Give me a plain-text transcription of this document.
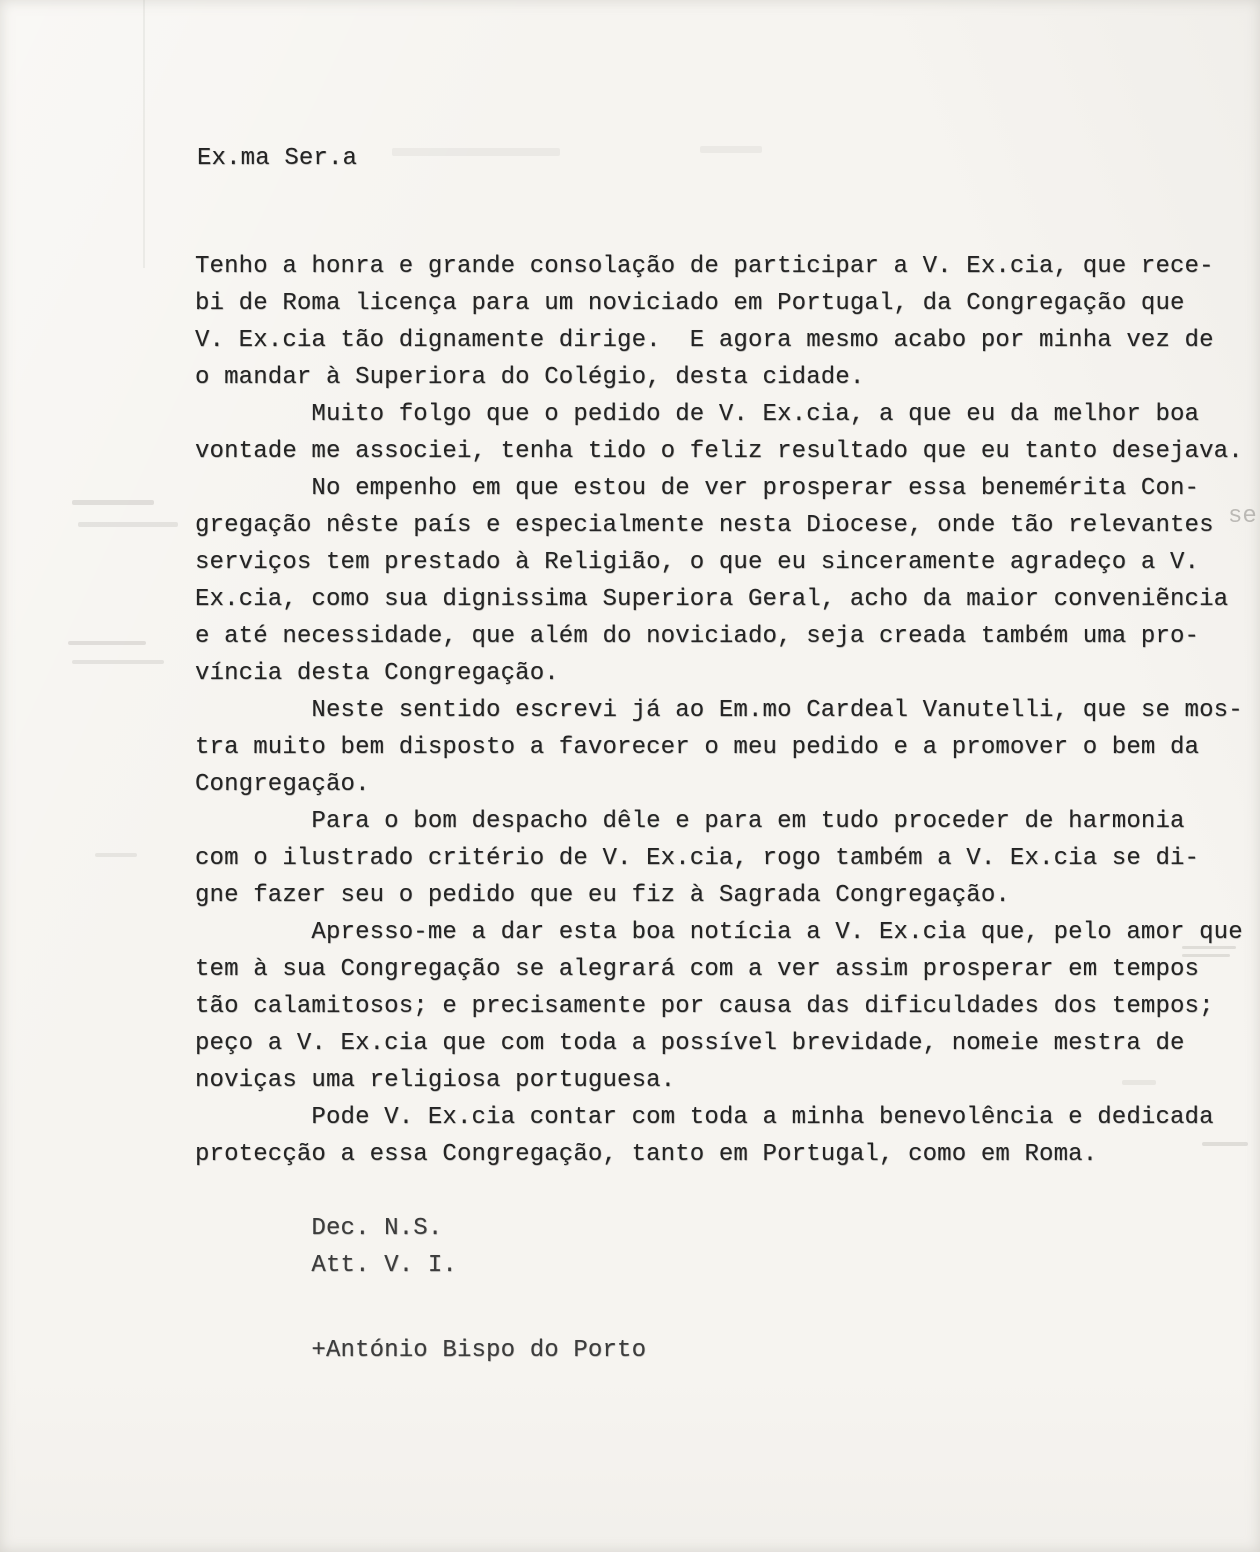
Ex.ma Ser.a
Tenho a honra e grande consolação de participar a V. Ex.cia, que rece-
bi de Roma licença para um noviciado em Portugal, da Congregação que
V. Ex.cia tão dignamente dirige.  E agora mesmo acabo por minha vez de
o mandar à Superiora do Colégio, desta cidade.
Muito folgo que o pedido de V. Ex.cia, a que eu da melhor boa
vontade me associei, tenha tido o feliz resultado que eu tanto desejava.
No empenho em que estou de ver prosperar essa benemérita Con-
gregação nêste país e especialmente nesta Diocese, onde tão relevantes
serviços tem prestado à Religião, o que eu sinceramente agradeço a V.
Ex.cia, como sua dignissima Superiora Geral, acho da maior conveniẽncia
e até necessidade, que além do noviciado, seja creada também uma pro-
víncia desta Congregação.
Neste sentido escrevi já ao Em.mo Cardeal Vanutelli, que se mos-
tra muito bem disposto a favorecer o meu pedido e a promover o bem da
Congregação.
Para o bom despacho dêle e para em tudo proceder de harmonia
com o ilustrado critério de V. Ex.cia, rogo também a V. Ex.cia se di-
gne fazer seu o pedido que eu fiz à Sagrada Congregação.
Apresso-me a dar esta boa notícia a V. Ex.cia que, pelo amor que
tem à sua Congregação se alegrará com a ver assim prosperar em tempos
tão calamitosos; e precisamente por causa das dificuldades dos tempos;
peço a V. Ex.cia que com toda a possível brevidade, nomeie mestra de
noviças uma religiosa portuguesa.
Pode V. Ex.cia contar com toda a minha benevolência e dedicada
protecção a essa Congregação, tanto em Portugal, como em Roma.
Dec. N.S.
Att. V. I.
+António Bispo do Porto
se
